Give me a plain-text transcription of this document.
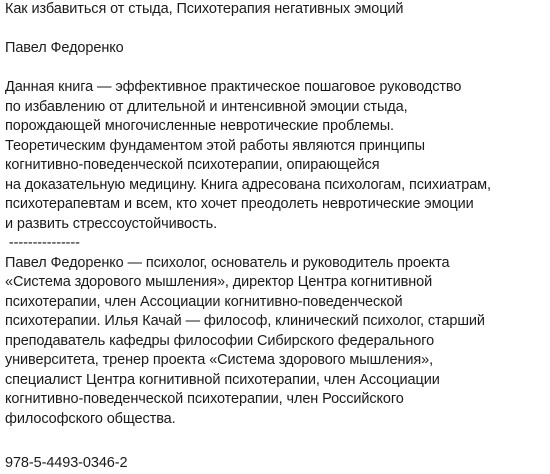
Как избавиться от стыда, Психотерапия негативных эмоций
Павел Федоренко
Данная книга — эффективное практическое пошаговое руководство
по избавлению от длительной и интенсивной эмоции стыда,
порождающей многочисленные невротические проблемы.
Теоретическим фундаментом этой работы являются принципы
когнитивно-поведенческой психотерапии, опирающейся
на доказательную медицину. Книга адресована психологам, психиатрам,
психотерапевтам и всем, кто хочет преодолеть невротические эмоции
и развить стрессоустойчивость.
---------------
Павел Федоренко — психолог, основатель и руководитель проекта
«Система здорового мышления», директор Центра когнитивной
психотерапии, член Ассоциации когнитивно-поведенческой
психотерапии. Илья Качай — философ, клинический психолог, старший
преподаватель кафедры философии Сибирского федерального
университета, тренер проекта «Система здорового мышления»,
специалист Центра когнитивной психотерапии, член Ассоциации
когнитивно-поведенческой психотерапии, член Российского
философского общества.
978-5-4493-0346-2
